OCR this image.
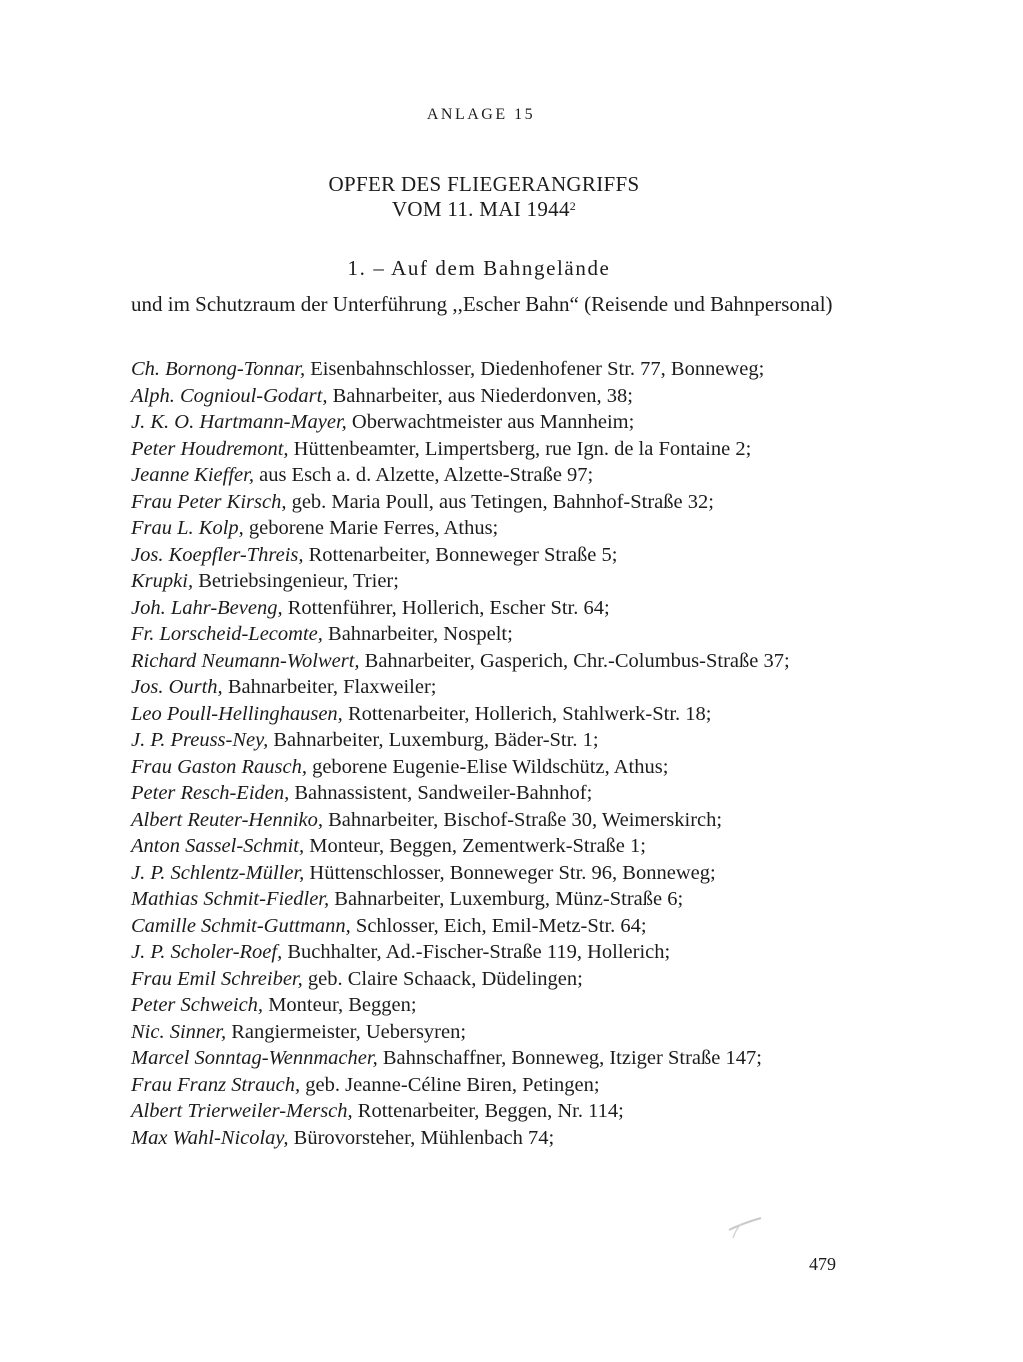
ANLAGE 15
OPFER DES FLIEGERANGRIFFS
VOM 11. MAI 1944$^2$
1. – Auf dem Bahngelände
und im Schutzraum der Unterführung ,,Escher Bahn“ (Reisende und Bahnpersonal)
Ch. Bornong-Tonnar, Eisenbahnschlosser, Diedenhofener Str. 77, Bonneweg;
Alph. Cognioul-Godart, Bahnarbeiter, aus Niederdonven, 38;
J. K. O. Hartmann-Mayer, Oberwachtmeister aus Mannheim;
Peter Houdremont, Hüttenbeamter, Limpertsberg, rue Ign. de la Fontaine 2;
Jeanne Kieffer, aus Esch a. d. Alzette, Alzette-Straße 97;
Frau Peter Kirsch, geb. Maria Poull, aus Tetingen, Bahnhof-Straße 32;
Frau L. Kolp, geborene Marie Ferres, Athus;
Jos. Koepfler-Threis, Rottenarbeiter, Bonneweger Straße 5;
Krupki, Betriebsingenieur, Trier;
Joh. Lahr-Beveng, Rottenführer, Hollerich, Escher Str. 64;
Fr. Lorscheid-Lecomte, Bahnarbeiter, Nospelt;
Richard Neumann-Wolwert, Bahnarbeiter, Gasperich, Chr.-Columbus-Straße 37;
Jos. Ourth, Bahnarbeiter, Flaxweiler;
Leo Poull-Hellinghausen, Rottenarbeiter, Hollerich, Stahlwerk-Str. 18;
J. P. Preuss-Ney, Bahnarbeiter, Luxemburg, Bäder-Str. 1;
Frau Gaston Rausch, geborene Eugenie-Elise Wildschütz, Athus;
Peter Resch-Eiden, Bahnassistent, Sandweiler-Bahnhof;
Albert Reuter-Henniko, Bahnarbeiter, Bischof-Straße 30, Weimerskirch;
Anton Sassel-Schmit, Monteur, Beggen, Zementwerk-Straße 1;
J. P. Schlentz-Müller, Hüttenschlosser, Bonneweger Str. 96, Bonneweg;
Mathias Schmit-Fiedler, Bahnarbeiter, Luxemburg, Münz-Straße 6;
Camille Schmit-Guttmann, Schlosser, Eich, Emil-Metz-Str. 64;
J. P. Scholer-Roef, Buchhalter, Ad.-Fischer-Straße 119, Hollerich;
Frau Emil Schreiber, geb. Claire Schaack, Düdelingen;
Peter Schweich, Monteur, Beggen;
Nic. Sinner, Rangiermeister, Uebersyren;
Marcel Sonntag-Wennmacher, Bahnschaffner, Bonneweg, Itziger Straße 147;
Frau Franz Strauch, geb. Jeanne-Céline Biren, Petingen;
Albert Trierweiler-Mersch, Rottenarbeiter, Beggen, Nr. 114;
Max Wahl-Nicolay, Bürovorsteher, Mühlenbach 74;
479
